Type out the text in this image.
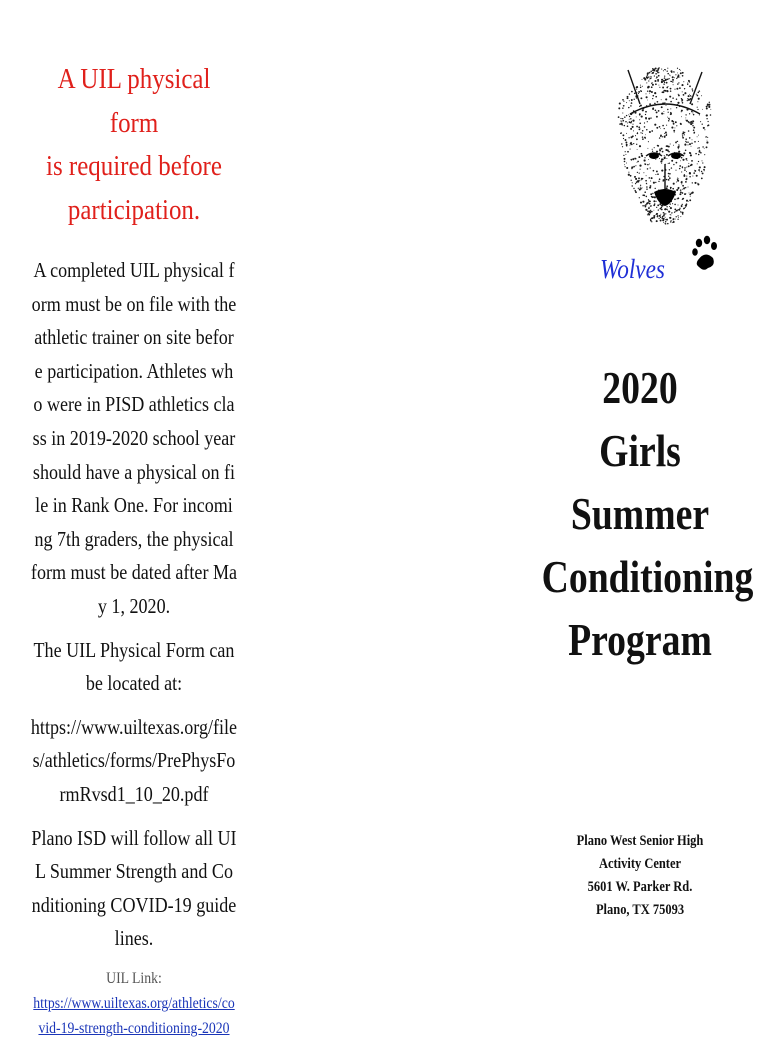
A UIL physical form
is required before
participation.

A completed UIL physical form must be on file with the athletic trainer on site before participation. Athletes who were in PISD athletics class in 2019-2020 school year should have a physical on file in Rank One. For incoming 7th graders, the physical form must be dated after May 1, 2020.

The UIL Physical Form can be located at:

https://www.uiltexas.org/files/athletics/forms/PrePhysFormRvsd1_10_20.pdf

Plano ISD will follow all UIL Summer Strength and Conditioning COVID-19 guidelines.

UIL Link:
https://www.uiltexas.org/athletics/covid-19-strength-conditioning-2020
Wolves
2020
Girls
Summer
Conditioning
Program
Plano West Senior High
Activity Center
5601 W. Parker Rd.
Plano, TX 75093
